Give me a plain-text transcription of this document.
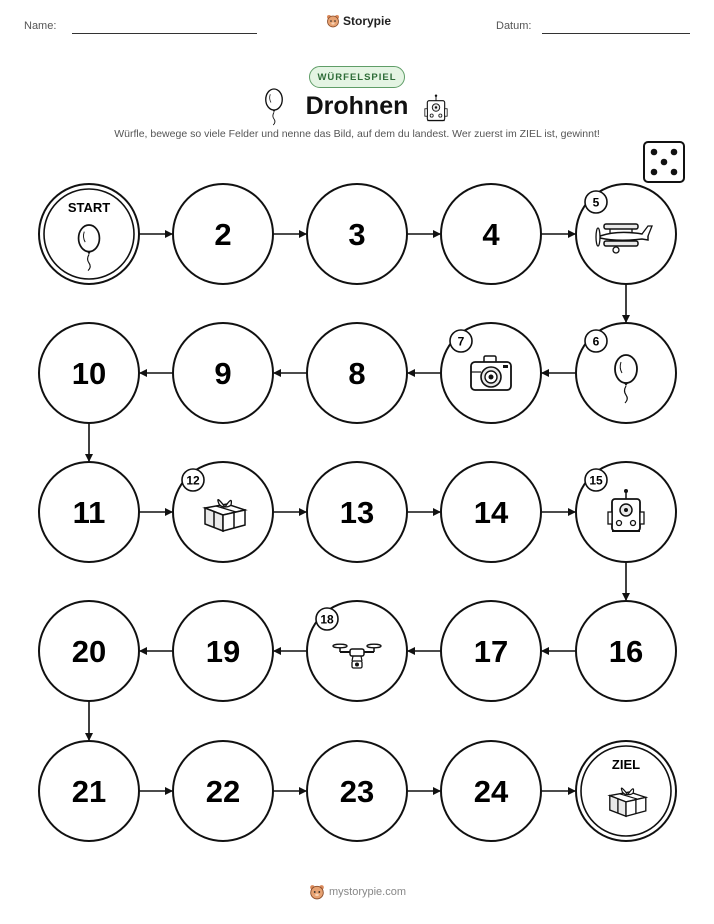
Name:	Storypie	Datum:
WÜRFELSPIEL
Drohnen
Würfle, bewege so viele Felder und nenne das Bild, auf dem du landest. Wer zuerst im ZIEL ist, gewinnt!
START
2	3	4
5
10	9	8
7	6
11
12
13	14
15
20	19
18
17	16
21	22	23	24
ZIEL
mystorypie.com
